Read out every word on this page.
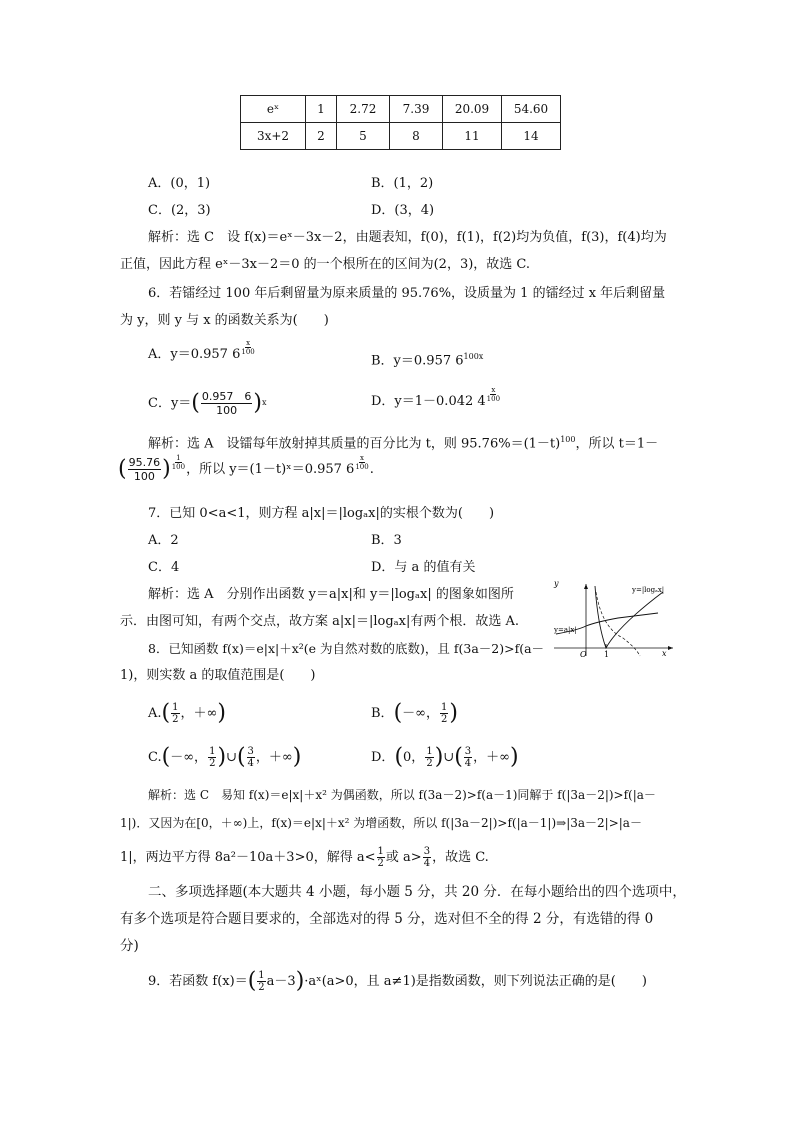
eˣ	1	2.72	7.39	20.09	54.60
3x+2	2	5	8	11	14
A．(0，1)	B．(1，2)
C．(2，3)	D．(3，4)
解析：选 C　设 f(x)＝eˣ－3x－2，由题表知，f(0)，f(1)，f(2)均为负值，f(3)，f(4)均为
正值，因此方程 eˣ－3x－2＝0 的一个根所在的区间为(2，3)，故选 C.
6．若镭经过 100 年后剩留量为原来质量的 95.76%，设质量为 1 的镭经过 x 年后剩留量
为 y，则 y 与 x 的函数关系为(　　)
A．y＝0.957 $6 \frac{x}{100}$
B．y＝0.957 $6^{100x}$
C．$y=( \frac{0.957 6}{100} )^x$	D．y＝1－0.042 $4 \frac{x}{100}$
解析：选 A　设镭每年放射掉其质量的百分比为 t，则 $95.76\%=(1-t)^{100}$，所以 t＝1－
( $\frac{95.76}{100}$ ) $\frac{1}{100}$ ，所以 y＝(1－t)ˣ＝0.957 $6 \frac{x}{100}$ .
7．已知 0<a<1，则方程 a|x|＝|logₐx|的实根个数为(　　)
A．2	B．3
C．4	D．与 a 的值有关
解析：选 A　分别作出函数 y＝a|x|和 y＝|logₐx| 的图象如图所
示．由图可知，有两个交点，故方案 a|x|＝|logₐx|有两个根．故选 A.
y
x
O 1
y=|logₐx|
y=a|x|
8．已知函数 f(x)＝e|x|＋x²(e 为自然对数的底数)，且 f(3a－2)>f(a－
1)，则实数 a 的取值范围是(　　)
$A.( \frac{1}{2}$ ，＋∞)	B．(－∞， $\frac{1}{2}$ )
C.(－∞， $\frac{1}{2}$ )∪( $\frac{3}{4}$ ，＋∞)	D．(0， $\frac{1}{2}$ )∪( $\frac{3}{4}$ ，＋∞)
解析：选 C　易知 f(x)＝e|x|＋x² 为偶函数，所以 f(3a－2)>f(a－1)同解于 f(|3a－2|)>f(|a－
1|)．又因为在[0，＋∞)上，f(x)＝e|x|＋x² 为增函数，所以 f(|3a－2|)>f(|a－1|)⇒|3a－2|>|a－
1|，两边平方得 8a²－10a＋3>0，解得 $a< \frac{1}{2}$ 或 $a> \frac{3}{4}$ ，故选 C.
二、多项选择题(本大题共 4 小题，每小题 5 分，共 20 分．在每小题给出的四个选项中，
有多个选项是符合题目要求的，全部选对的得 5 分，选对但不全的得 2 分，有选错的得 0
分)
9．若函数 $f(x)=( \frac{1}{2}$ a－3)·aˣ(a>0，且 a≠1)是指数函数，则下列说法正确的是(　　)
